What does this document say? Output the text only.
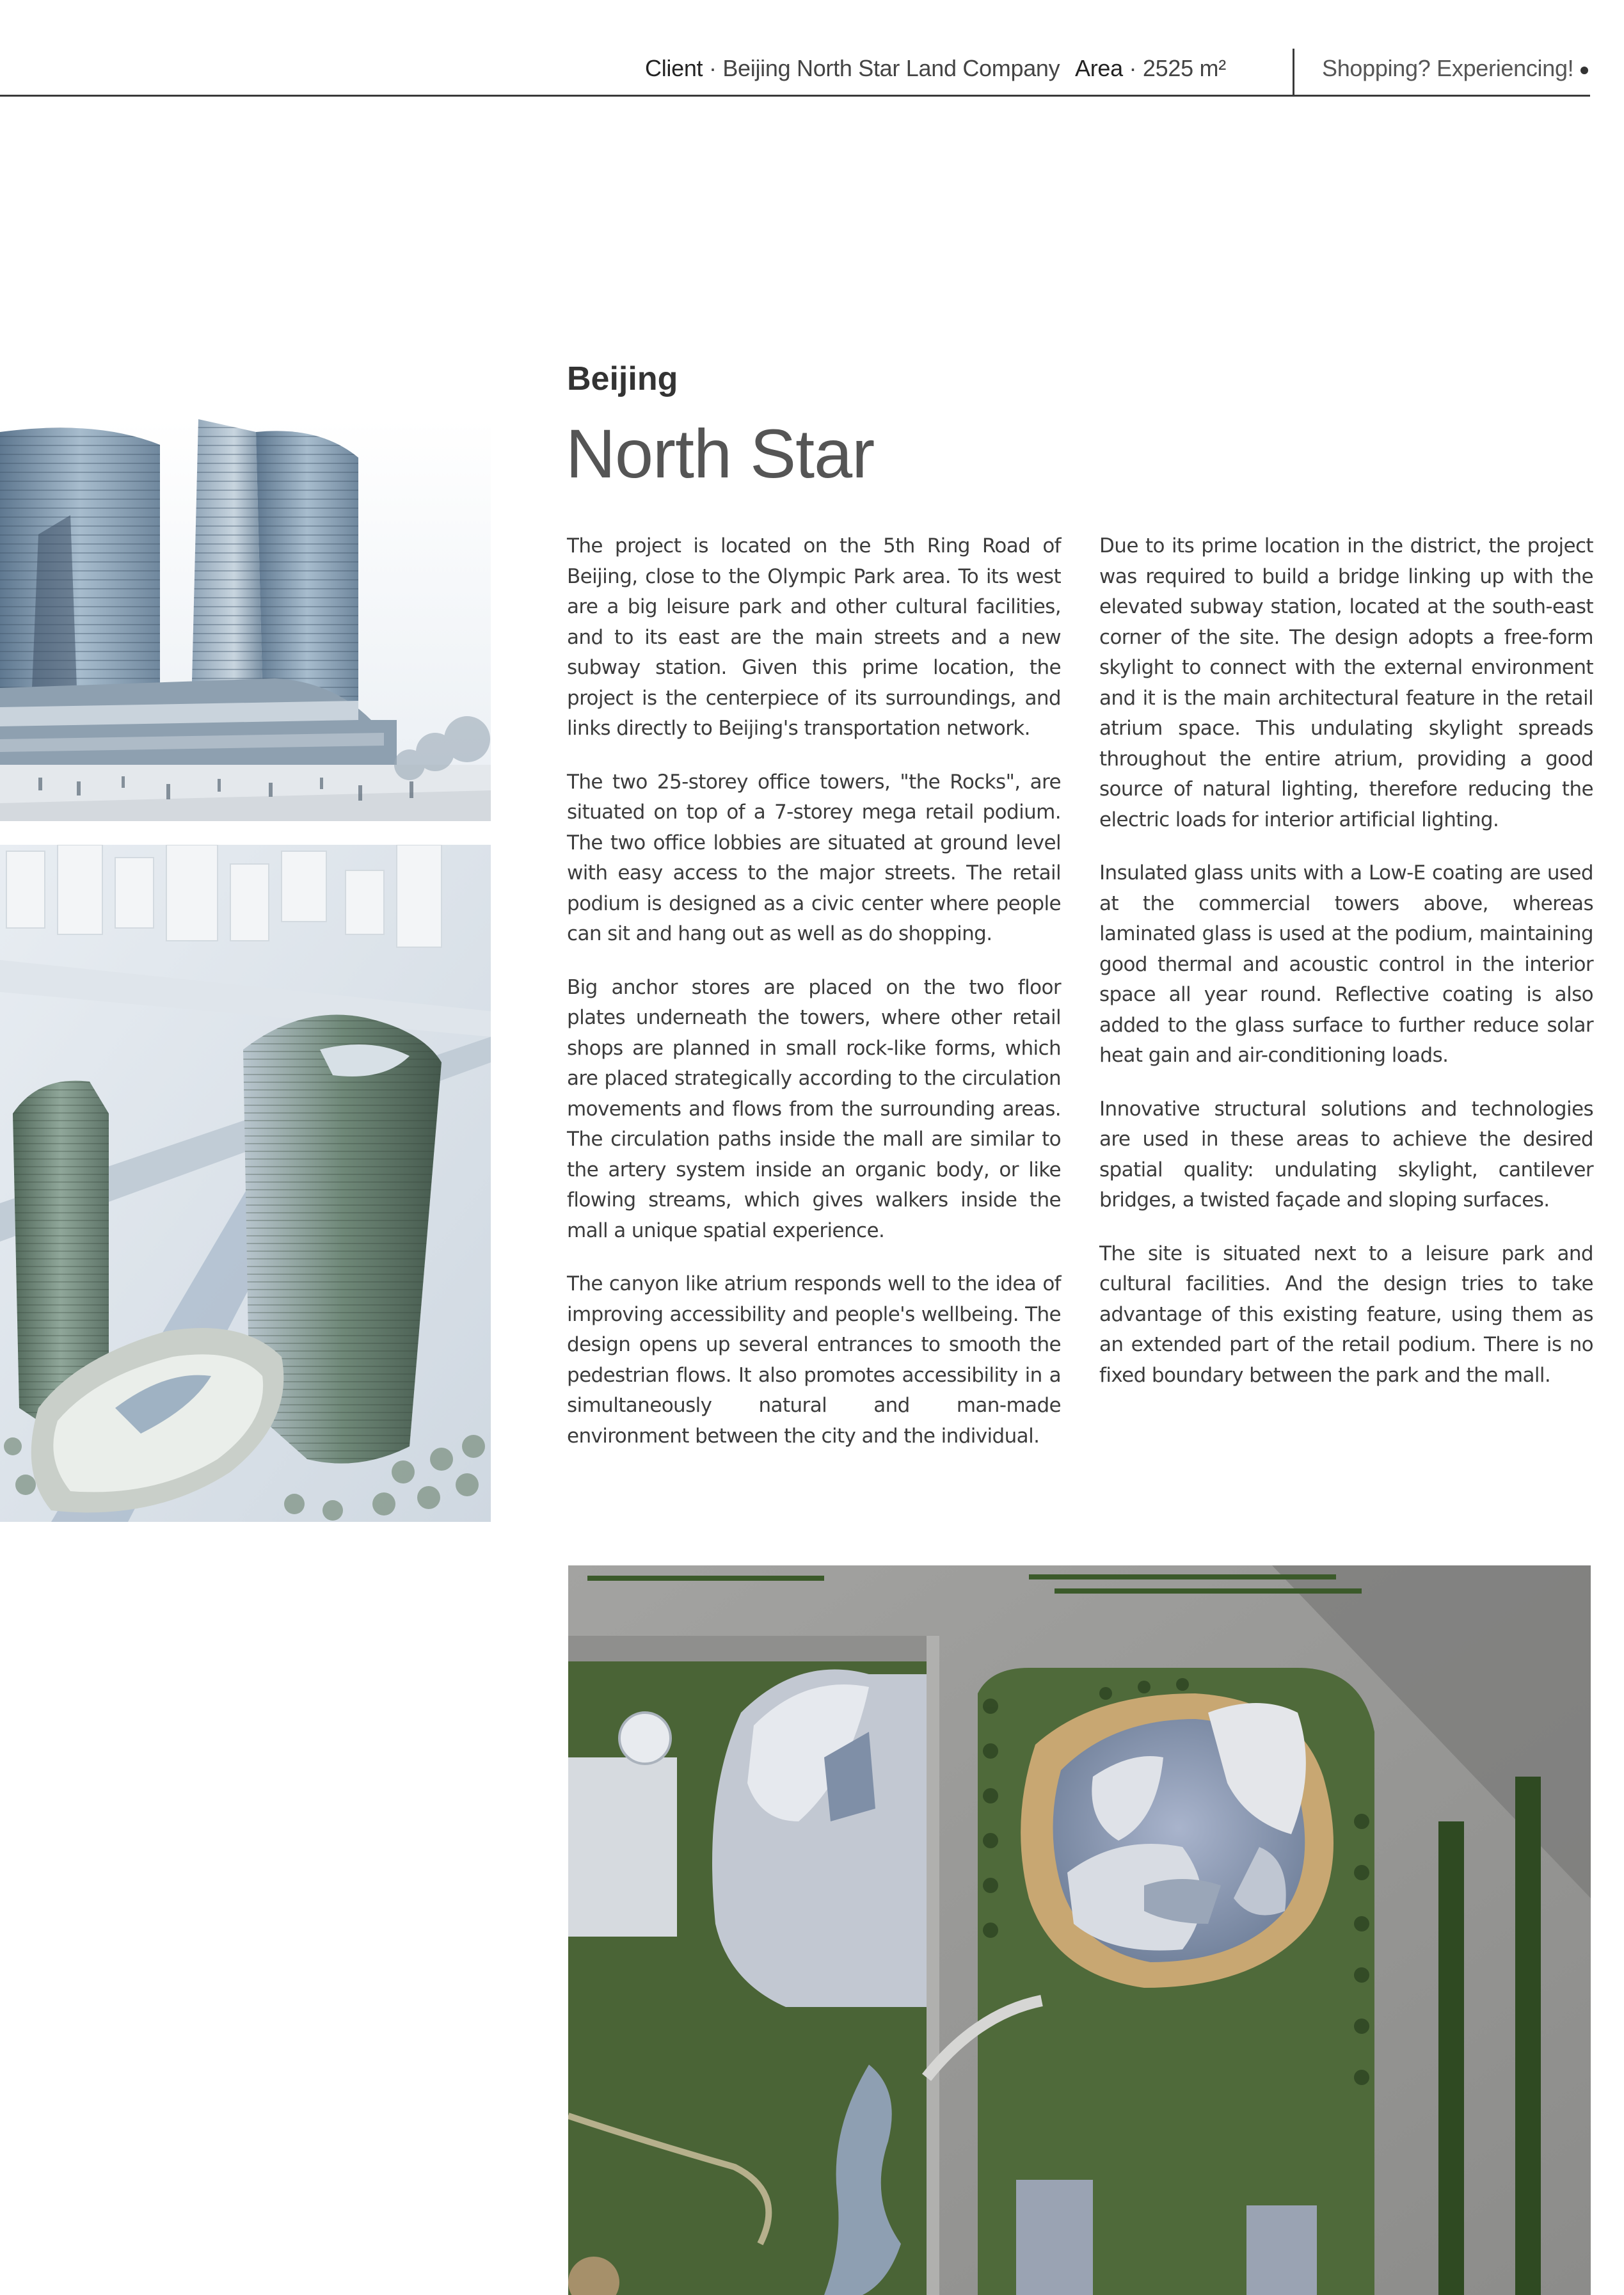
Client · Beijing North Star Land Company Area · 2525 m²	Shopping? Experiencing!
Beijing
North Star

The project is located on the 5th Ring Road of Beijing, close to the Olympic Park area. To its west are a big leisure park and other cultural facilities, and to its east are the main streets and a new subway station. Given this prime location, the project is the centerpiece of its surroundings, and links directly to Beijing's transportation network.

The two 25-storey office towers, "the Rocks", are situated on top of a 7-storey mega retail podium. The two office lobbies are situated at ground level with easy access to the major streets. The retail podium is designed as a civic center where people can sit and hang out as well as do shopping.

Big anchor stores are placed on the two floor plates underneath the towers, where other retail shops are planned in small rock-like forms, which are placed strategically according to the circulation movements and flows from the surrounding areas. The circulation paths inside the mall are similar to the artery system inside an organic body, or like flowing streams, which gives walkers inside the mall a unique spatial experience.

The canyon like atrium responds well to the idea of improving accessibility and people's wellbeing. The design opens up several entrances to smooth the pedestrian flows. It also promotes accessibility in a simultaneously natural and man-made environment between the city and the individual.

Due to its prime location in the district, the project was required to build a bridge linking up with the elevated subway station, located at the south-east corner of the site. The design adopts a free-form skylight to connect with the external environment and it is the main architectural feature in the retail atrium space. This undulating skylight spreads throughout the entire atrium, providing a good source of natural lighting, therefore reducing the electric loads for interior artificial lighting.

Insulated glass units with a Low-E coating are used at the commercial towers above, whereas laminated glass is used at the podium, maintaining good thermal and acoustic control in the interior space all year round. Reflective coating is also added to the glass surface to further reduce solar heat gain and air-conditioning loads.

Innovative structural solutions and technologies are used in these areas to achieve the desired spatial quality: undulating skylight, cantilever bridges, a twisted façade and sloping surfaces.

The site is situated next to a leisure park and cultural facilities. And the design tries to take advantage of this existing feature, using them as an extended part of the retail podium. There is no fixed boundary between the park and the mall.
